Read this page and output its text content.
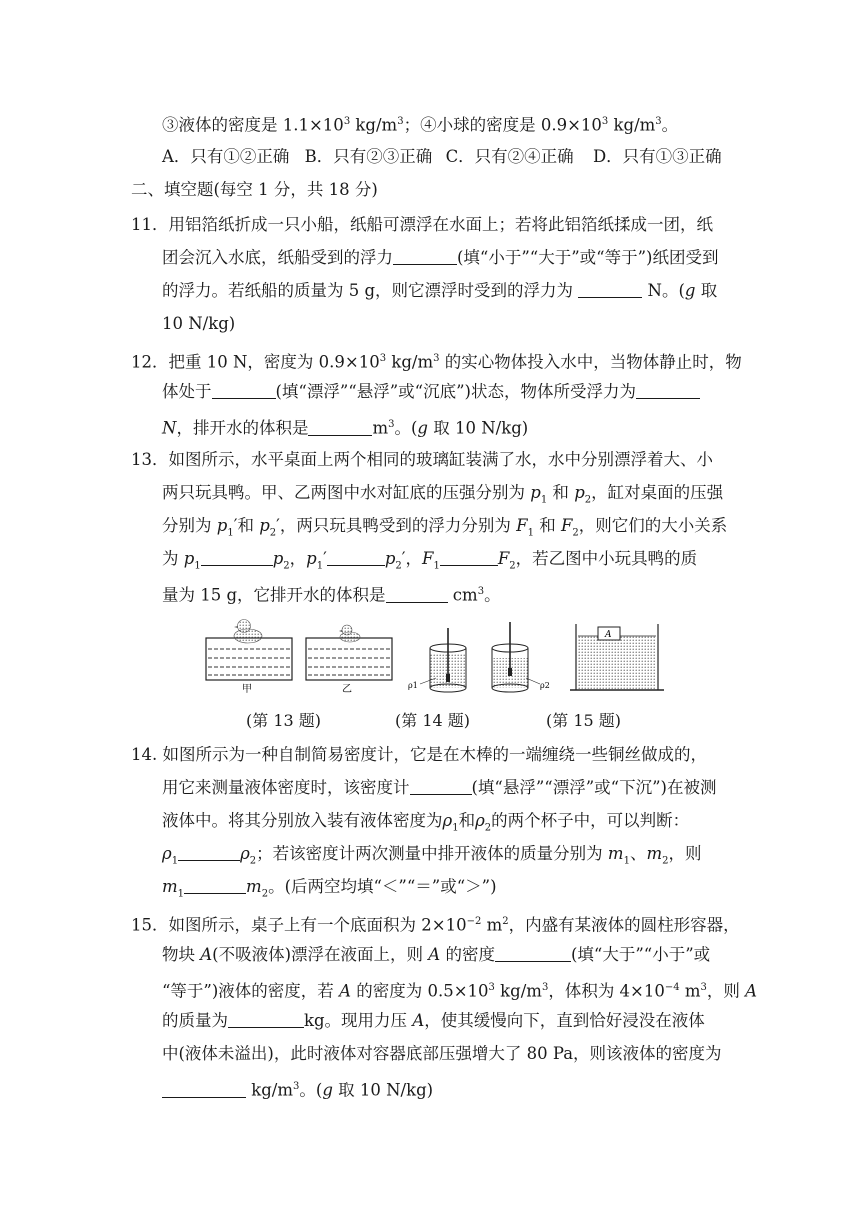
③液体的密度是 $1.1\times 10^3$ $kg/m^3$；④小球的密度是 $0.9\times 10^3$ $kg/m^3$。
A．只有①②正确 B．只有②③正确 C．只有②④正确 D．只有①③正确
二、填空题(每空 1 分，共 18 分)
11．用铝箔纸折成一只小船，纸船可漂浮在水面上；若将此铝箔纸揉成一团，纸
团会沉入水底，纸船受到的浮力	(填“小于”“大于”或“等于”)纸团受到
的浮力。若纸船的质量为 5 g，则它漂浮时受到的浮力为	N。(g 取
10 N/kg)
12．把重 10 N，密度为 $0.9\times 10^3$ $kg/m^3$ 的实心物体投入水中，当物体静止时，物
体处于	(填“漂浮”“悬浮”或“沉底”)状态，物体所受浮力为
N，排开水的体积是	$m^3$。(g 取 10 N/kg)
13．如图所示，水平桌面上两个相同的玻璃缸装满了水，水中分别漂浮着大、小
两只玩具鸭。甲、乙两图中水对缸底的压强分别为 $p_1$ 和 $p_2$，缸对桌面的压强
分别为 $p_1'$和 $p_2'$，两只玩具鸭受到的浮力分别为 $F_1$ 和 $F_2$，则它们的大小关系
为 $p_1$	$p_2$，$p_1'$	$p_2'$，$F_1$	$F_2$，若乙图中小玩具鸭的质
量为 15 g，它排开水的体积是	$cm^3$。
甲	乙	ρ1	ρ2
A
(第 13 题)	(第 14 题)	(第 15 题)
14. 如图所示为一种自制简易密度计，它是在木棒的一端缠绕一些铜丝做成的，
用它来测量液体密度时，该密度计	(填“悬浮”“漂浮”或“下沉”)在被测
液体中。将其分别放入装有液体密度为$\rho_1$和$\rho_2$的两个杯子中，可以判断：
$\rho_1$	$\rho_2$；若该密度计两次测量中排开液体的质量分别为 $m_1$、$m_2$，则
$m_1$	$m_2$。(后两空均填“＜”“＝”或“＞”)
15．如图所示，桌子上有一个底面积为 $2\times 10^{-2}$ $m^2$，内盛有某液体的圆柱形容器，
物块 A(不吸液体)漂浮在液面上，则 A 的密度	(填“大于”“小于”或
“等于”)液体的密度，若 A 的密度为 $0.5\times 10^3$ $kg/m^3$，体积为 $4\times 10^{-4}$ $m^3$，则 A
的质量为	kg。现用力压 A，使其缓慢向下，直到恰好浸没在液体
中(液体未溢出)，此时液体对容器底部压强增大了 80 Pa，则该液体的密度为
$kg/m^3$。(g 取 10 N/kg)
